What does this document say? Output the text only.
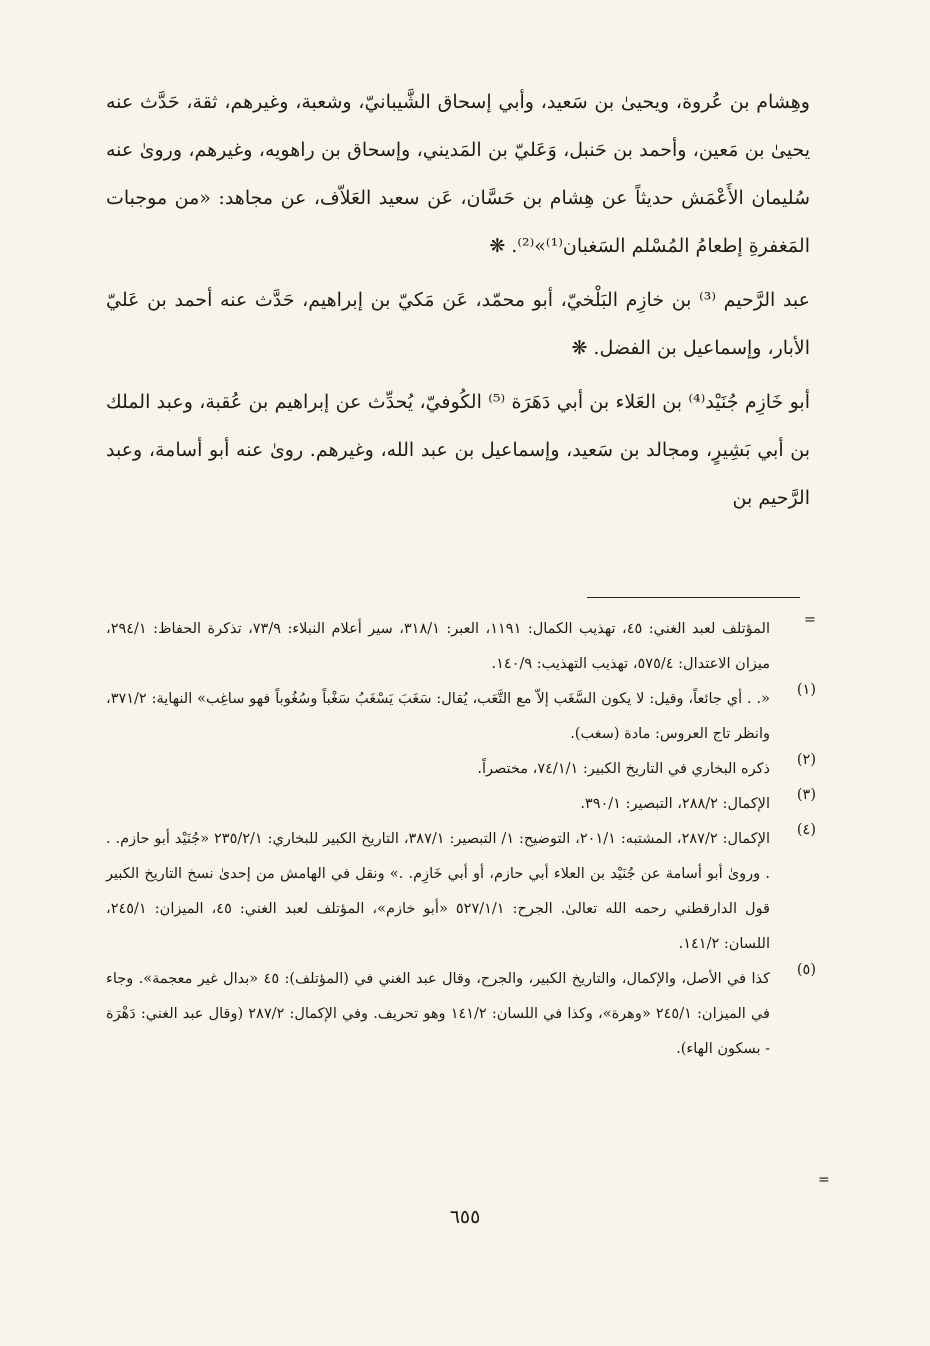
وهِشام بن عُروة، ويحيىٰ بن سَعيد، وأبي إسحاق الشَّيبانيّ، وشعبة، وغيرهم، ثقة، حَدَّث عنه يحيىٰ بن مَعين، وأحمد بن حَنبل، وَعَليّ بن المَديني، وإسحاق بن راهويه، وغيرهم، وروىٰ عنه سُليمان الأَعْمَش حديثاً عن هِشام بن حَسَّان، عَن سعيد العَلاّف، عن مجاهد: «من موجبات المَغفرةِ إطعامُ المُسْلم السَغبان⁽¹⁾»⁽²⁾. ❋

عبد الرَّحيم ⁽³⁾ بن خازِم البَلْخيّ، أبو محمّد، عَن مَكيّ بن إبراهيم، حَدَّث عنه أحمد بن عَليّ الأبار، وإسماعيل بن الفضل. ❋

أبو خَازِم جُنَيْد⁽⁴⁾ بن العَلاء بن أبي دَهَرَة ⁽⁵⁾ الكُوفيّ، يُحدِّث عن إبراهيم بن عُقبة، وعبد الملك بن أبي بَشِيرٍ، ومجالد بن سَعيد، وإسماعيل بن عبد الله، وغيرهم. روىٰ عنه أبو أسامة، وعبد الرَّحيم بن

=
المؤتلف لعبد الغني: ٤٥، تهذيب الكمال: ١١٩١، العبر: ٣١٨/١، سير أعلام النبلاء: ٧٣/٩، تذكرة الحفاظ: ٢٩٤/١، ميزان الاعتدال: ٥٧٥/٤، تهذيب التهذيب: ١٤٠/٩.
(١)
«. . أي جائعاً، وقيل: لا يكون السَّغَب إلاّ مع التَّعَب، يُقال: سَغَبَ يَسْغَبُ سَغْباً وسُغُوباً فهو ساغِب» النهاية: ٣٧١/٢، وانظر تاج العروس: مادة (سغب).
(٢)
ذكره البخاري في التاريخ الكبير: ٧٤/١/١، مختصراً.
(٣)
الإكمال: ٢٨٨/٢، التبصير: ٣٩٠/١.
(٤)
الإكمال: ٢٨٧/٢، المشتبه: ٢٠١/١، التوضيح: ١/ التبصير: ٣٨٧/١، التاريخ الكبير للبخاري: ٢٣٥/٢/١ «جُنَيْد أبو حازم. . . وروىٰ أبو أسامة عن جُنَيْد بن العلاء أبي حازم، أو أبي خَازِم. .» ونقل في الهامش من إحدىٰ نسخ التاريخ الكبير قول الدارقطني رحمه الله تعالىٰ. الجرح: ٥٢٧/١/١ «أبو خازم»، المؤتلف لعبد الغني: ٤٥، الميزان: ٢٤٥/١، اللسان: ١٤١/٢.
(٥)
كذا في الأصل، والإكمال، والتاريخ الكبير، والجرح، وقال عبد الغني في (المؤتلف): ٤٥ «بدال غير معجمة». وجاء في الميزان: ٢٤٥/١ «وهرة»، وكذا في اللسان: ١٤١/٢ وهو تحريف. وفي الإكمال: ٢٨٧/٢ (وقال عبد الغني: دَهْرَة - بسكون الهاء).
=
٦٥٥
